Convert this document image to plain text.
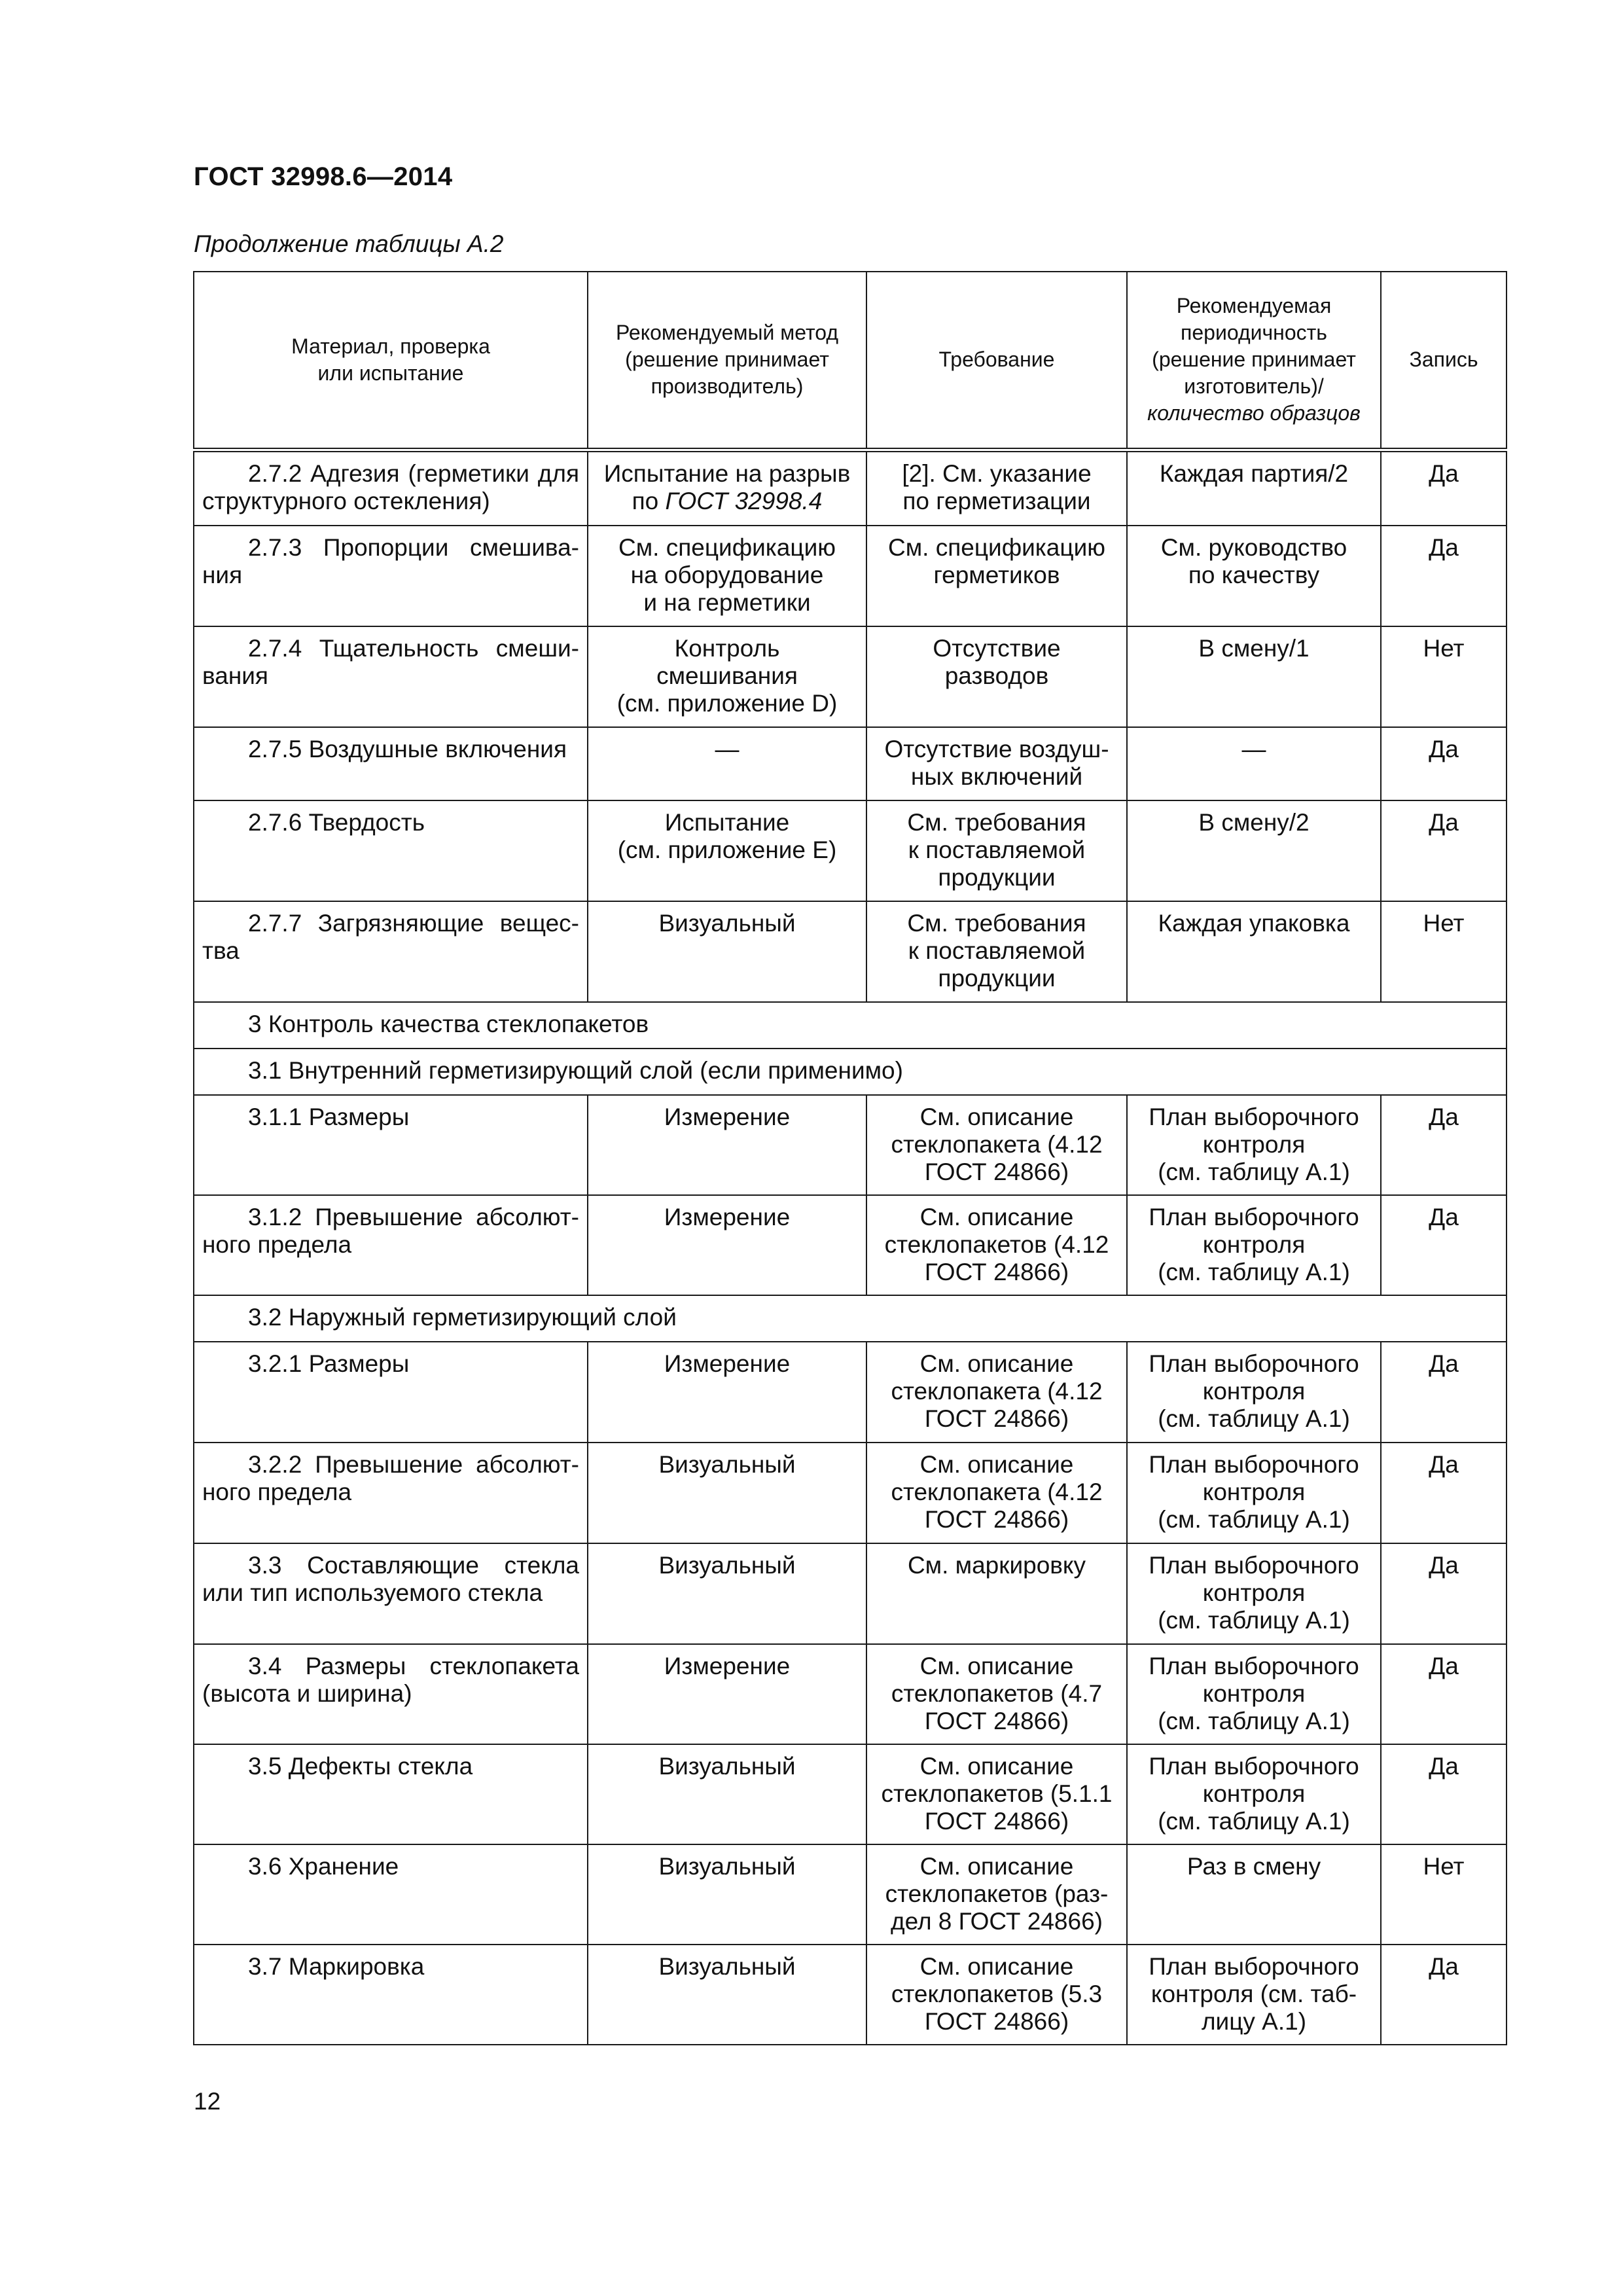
ГОСТ 32998.6—2014
Продолжение таблицы А.2
Материал, проверка
или испытание	Рекомендуемый метод
(решение принимает
производитель)	Требование	Рекомендуемая
периодичность
(решение принимает
изготовитель)/
количество образцов	Запись
2.7.2 Адгезия (герметики для структурного остекления)	Испытание на разрыв
по ГОСТ 32998.4	[2]. См. указание
по герметизации	Каждая партия/2	Да
2.7.3 Пропорции смешива-ния	См. спецификацию
на оборудование
и на герметики	См. спецификацию
герметиков	См. руководство
по качеству	Да
2.7.4 Тщательность смеши-вания	Контроль
смешивания
(см. приложение D)	Отсутствие
разводов	В смену/1	Нет
2.7.5 Воздушные включения	—	Отсутствие воздуш-
ных включений	—	Да
2.7.6 Твердость	Испытание
(см. приложение Е)	См. требования
к поставляемой
продукции	В смену/2	Да
2.7.7 Загрязняющие вещес-тва	Визуальный	См. требования
к поставляемой
продукции	Каждая упаковка	Нет
3 Контроль качества стеклопакетов				
3.1 Внутренний герметизирующий слой (если применимо)				
3.1.1 Размеры	Измерение	См. описание
стеклопакета (4.12
ГОСТ 24866)	План выборочного
контроля
(см. таблицу А.1)	Да
3.1.2 Превышение абсолют-ного предела	Измерение	См. описание
стеклопакетов (4.12
ГОСТ 24866)	План выборочного
контроля
(см. таблицу А.1)	Да
3.2 Наружный герметизирующий слой				
3.2.1 Размеры	Измерение	См. описание
стеклопакета (4.12
ГОСТ 24866)	План выборочного
контроля
(см. таблицу А.1)	Да
3.2.2 Превышение абсолют-ного предела	Визуальный	См. описание
стеклопакета (4.12
ГОСТ 24866)	План выборочного
контроля
(см. таблицу А.1)	Да
3.3 Составляющие стекла или тип используемого стекла	Визуальный	См. маркировку	План выборочного
контроля
(см. таблицу А.1)	Да
3.4 Размеры стеклопакета (высота и ширина)	Измерение	См. описание
стеклопакетов (4.7
ГОСТ 24866)	План выборочного
контроля
(см. таблицу А.1)	Да
3.5 Дефекты стекла	Визуальный	См. описание
стеклопакетов (5.1.1
ГОСТ 24866)	План выборочного
контроля
(см. таблицу А.1)	Да
3.6 Хранение	Визуальный	См. описание
стеклопакетов (раз-
дел 8 ГОСТ 24866)	Раз в смену	Нет
3.7 Маркировка	Визуальный	См. описание
стеклопакетов (5.3
ГОСТ 24866)	План выборочного
контроля (см. таб-
лицу А.1)	Да
12
